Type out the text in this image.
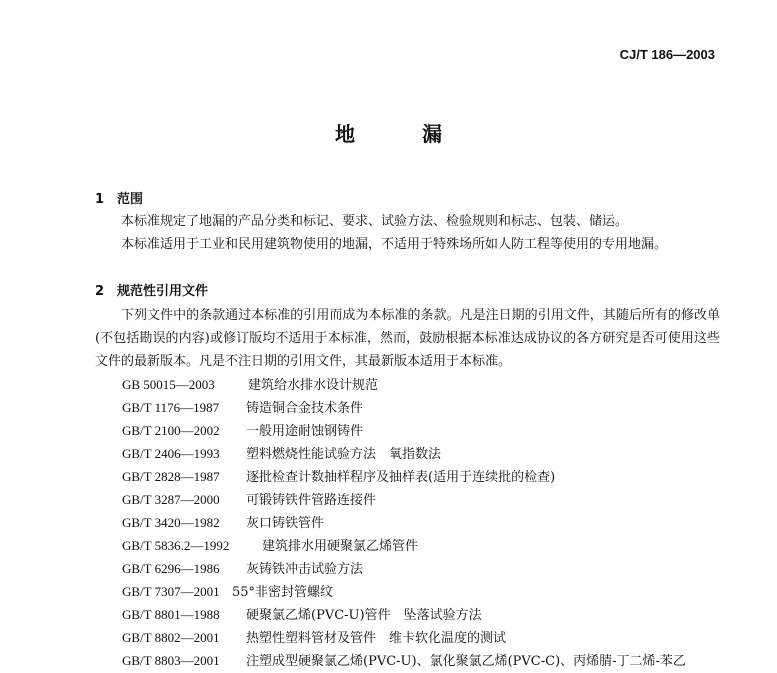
CJ/T 186—2003
地 漏
1 范围
本标准规定了地漏的产品分类和标记、要求、试验方法、检验规则和标志、包装、储运。
本标准适用于工业和民用建筑物使用的地漏，不适用于特殊场所如人防工程等使用的专用地漏。
2 规范性引用文件
下列文件中的条款通过本标准的引用而成为本标准的条款。凡是注日期的引用文件，其随后所有的修改单(不包括勘误的内容)或修订版均不适用于本标准，然而，鼓励根据本标准达成协议的各方研究是否可使用这些文件的最新版本。凡是不注日期的引用文件，其最新版本适用于本标准。
GB 50015—2003	建筑给水排水设计规范
GB/T 1176—1987 铸造铜合金技术条件
GB/T 2100—2002 一般用途耐蚀钢铸件
GB/T 2406—1993 塑料燃烧性能试验方法　氧指数法
GB/T 2828—1987 逐批检查计数抽样程序及抽样表(适用于连续批的检查)
GB/T 3287—2000 可锻铸铁件管路连接件
GB/T 3420—1982 灰口铸铁管件
GB/T 5836.2—1992	建筑排水用硬聚氯乙烯管件
GB/T 6296—1986 灰铸铁冲击试验方法
GB/T 7307—2001 55°非密封管螺纹
GB/T 8801—1988 硬聚氯乙烯(PVC-U)管件　坠落试验方法
GB/T 8802—2001 热塑性塑料管材及管件　维卡软化温度的测试
GB/T 8803—2001 注塑成型硬聚氯乙烯(PVC-U)、氯化聚氯乙烯(PVC-C)、丙烯腈-丁二烯-苯乙
